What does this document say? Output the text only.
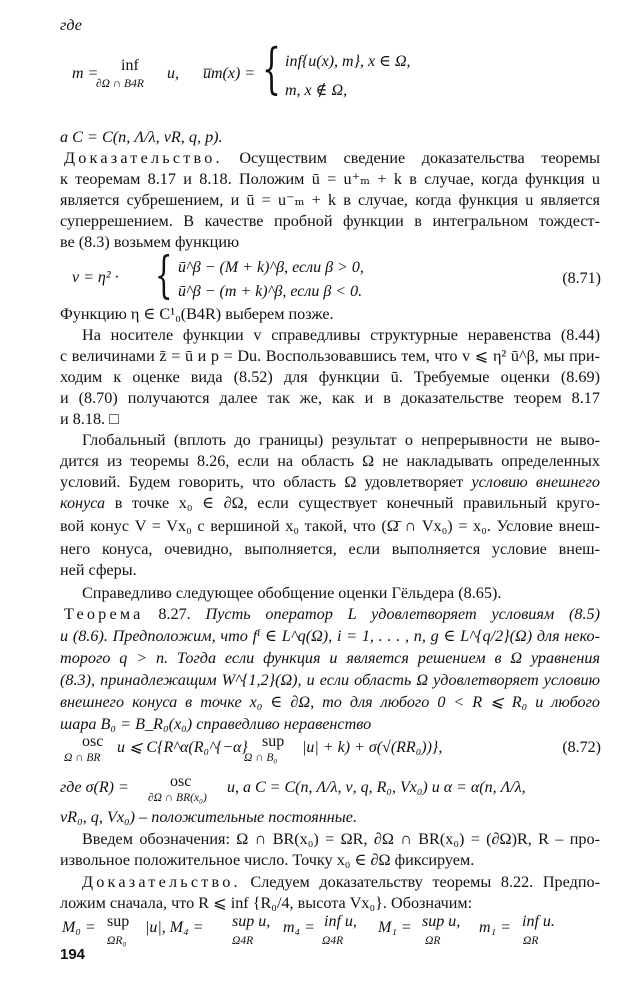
где
m = inf
∂Ω ∩ B4R
u, u̅m(x) = { inf{u(x), m}, x ∈ Ω,
m, x ∉ Ω,
а C = C(n, Λ/λ, νR, q, p).
Доказательство. Осуществим сведение доказательства теоремы
к теоремам 8.17 и 8.18. Положим ū = u⁺ₘ + k в случае, когда функция u
является субрешением, и ū = u⁻ₘ + k в случае, когда функция u является
суперрешением. В качестве пробной функции в интегральном тождест-
ве (8.3) возьмем функцию
v = η² · { ū^β − (M + k)^β, если β > 0,
ū^β − (m + k)^β, если β < 0.
(8.71)
Функцию η ∈ C¹₀(B4R) выберем позже.
На носителе функции v справедливы структурные неравенства (8.44)
с величинами z̄ = ū и p = Du. Воспользовавшись тем, что v ⩽ η² ū^β, мы при-
ходим к оценке вида (8.52) для функции ū. Требуемые оценки (8.69)
и (8.70) получаются далее так же, как и в доказательстве теорем 8.17
и 8.18. □
Глобальный (вплоть до границы) результат о непрерывности не выво-
дится из теоремы 8.26, если на область Ω не накладывать определенных
условий. Будем говорить, что область Ω удовлетворяет условию внешнего
конуса в точке x₀ ∈ ∂Ω, если существует конечный правильный круго-
вой конус V = Vx₀ с вершиной x₀ такой, что (Ω̄ ∩ Vx₀) = x₀. Условие внеш-
него конуса, очевидно, выполняется, если выполняется условие внеш-
ней сферы.
Справедливо следующее обобщение оценки Гёльдера (8.65).
Теорема 8.27. Пусть оператор L удовлетворяет условиям (8.5)
и (8.6). Предположим, что fⁱ ∈ L^q(Ω), i = 1, . . . , n, g ∈ L^{q/2}(Ω) для неко-
торого q > n. Тогда если функция u является решением в Ω уравнения
(8.3), принадлежащим W^{1,2}(Ω), и если область Ω удовлетворяет условию
внешнего конуса в точке x₀ ∈ ∂Ω, то для любого 0 < R ⩽ R₀ и любого
шара B₀ = B_R₀(x₀) справедливо неравенство
osc
Ω ∩ BR
u ⩽ C{R^α(R₀^{−α} sup
Ω ∩ B₀
|u| + k) + σ(√(RR₀))},	(8.72)
где σ(R) =	osc
∂Ω ∩ BR(x₀)
u, а C = C(n, Λ/λ, ν, q, R₀, Vx₀) и α = α(n, Λ/λ,
νR₀, q, Vx₀) – положительные постоянные.
Введем обозначения: Ω ∩ BR(x₀) = ΩR, ∂Ω ∩ BR(x₀) = (∂Ω)R, R – про-
извольное положительное число. Точку x₀ ∈ ∂Ω фиксируем.
Доказательство. Следуем доказательству теоремы 8.22. Предпо-
ложим сначала, что R ⩽ inf {R₀/4, высота Vx₀}. Обозначим:
M₀ = sup
ΩR₀
|u|, M₄ = sup u,
Ω4R
m₄ = inf u,
Ω4R
M₁ = sup u,
ΩR
m₁ = inf u.
ΩR
194
